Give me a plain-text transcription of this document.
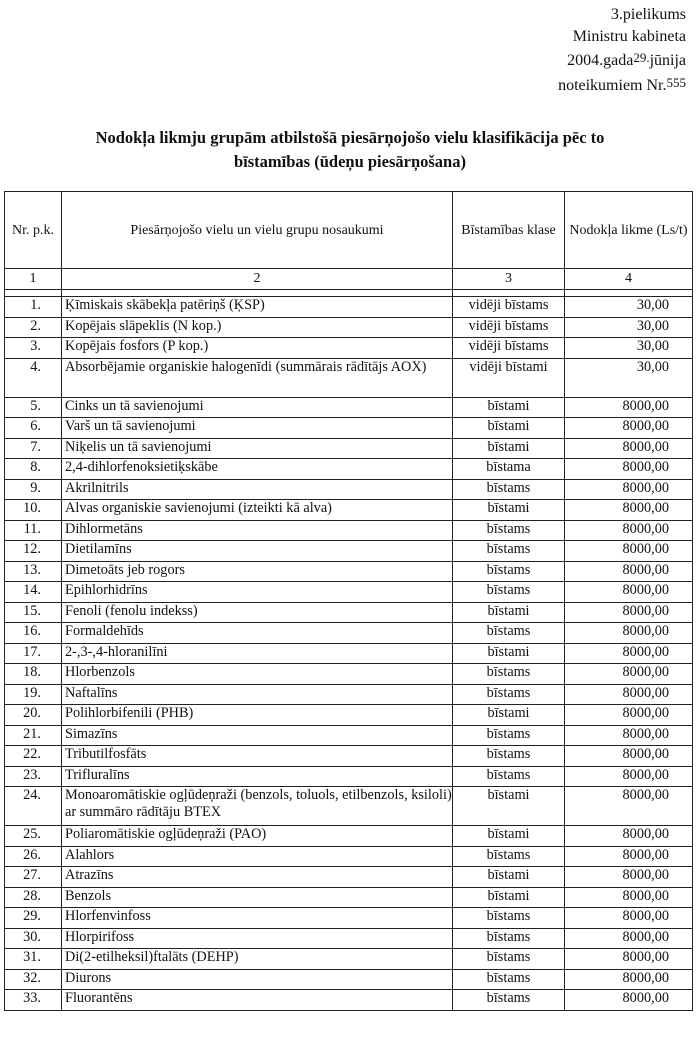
3.pielikums
Ministru kabineta
2004.gada29.jūnija
noteikumiem Nr.555
Nodokļa likmju grupām atbilstošā piesārņojošo vielu klasifikācija pēc to
bīstamības (ūdeņu piesārņošana)
Nr. p.k.	Piesārņojošo vielu un vielu grupu nosaukumi	Bīstamības klase	Nodokļa likme (Ls/t)
1	2	3	4

1.	Ķīmiskais skābekļa patēriņš (ĶSP)	vidēji bīstams	30,00
2.	Kopējais slāpeklis (N kop.)	vidēji bīstams	30,00
3.	Kopējais fosfors (P kop.)	vidēji bīstams	30,00
4.	Absorbējamie organiskie halogenīdi (summārais rādītājs AOX)	vidēji bīstami	30,00
5.	Cinks un tā savienojumi	bīstami	8000,00
6.	Varš un tā savienojumi	bīstami	8000,00
7.	Niķelis un tā savienojumi	bīstami	8000,00
8.	2,4-dihlorfenoksietiķskābe	bīstama	8000,00
9.	Akrilnitrils	bīstams	8000,00
10.	Alvas organiskie savienojumi (izteikti kā alva)	bīstami	8000,00
11.	Dihlormetāns	bīstams	8000,00
12.	Dietilamīns	bīstams	8000,00
13.	Dimetoāts jeb rogors	bīstams	8000,00
14.	Epihlorhidrīns	bīstams	8000,00
15.	Fenoli (fenolu indekss)	bīstami	8000,00
16.	Formaldehīds	bīstams	8000,00
17.	2-,3-,4-hloranilīni	bīstami	8000,00
18.	Hlorbenzols	bīstams	8000,00
19.	Naftalīns	bīstams	8000,00
20.	Polihlorbifenili (PHB)	bīstami	8000,00
21.	Simazīns	bīstams	8000,00
22.	Tributilfosfāts	bīstams	8000,00
23.	Trifluralīns	bīstams	8000,00
24.	Monoaromātiskie ogļūdeņraži (benzols, toluols, etilbenzols, ksiloli) ar summāro rādītāju BTEX	bīstami	8000,00
25.	Poliaromātiskie ogļūdeņraži (PAO)	bīstami	8000,00
26.	Alahlors	bīstams	8000,00
27.	Atrazīns	bīstami	8000,00
28.	Benzols	bīstami	8000,00
29.	Hlorfenvinfoss	bīstams	8000,00
30.	Hlorpirifoss	bīstams	8000,00
31.	Di(2-etilheksil)ftalāts (DEHP)	bīstams	8000,00
32.	Diurons	bīstams	8000,00
33.	Fluorantēns	bīstams	8000,00
